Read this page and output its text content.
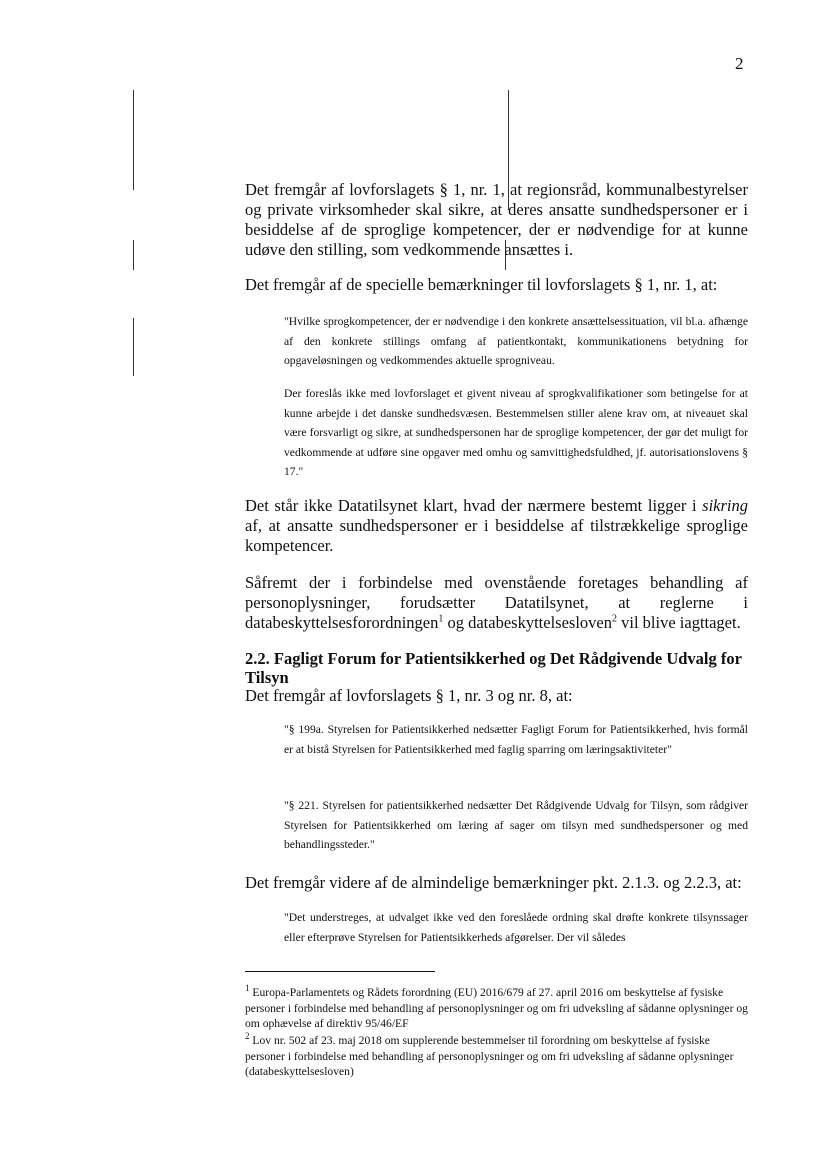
2
Det fremgår af lovforslagets § 1, nr. 1, at regionsråd, kommunalbestyrelser og private virksomheder skal sikre, at deres ansatte sundhedspersoner er i besiddelse af de sproglige kompetencer, der er nødvendige for at kunne udøve den stilling, som vedkommende ansættes i.
Det fremgår af de specielle bemærkninger til lovforslagets § 1, nr. 1, at:
"Hvilke sprogkompetencer, der er nødvendige i den konkrete ansættelsessituation, vil bl.a. afhænge af den konkrete stillings omfang af patientkontakt, kommunikationens betydning for opgaveløsningen og vedkommendes aktuelle sprogniveau.
Der foreslås ikke med lovforslaget et givent niveau af sprogkvalifikationer som betingelse for at kunne arbejde i det danske sundhedsvæsen. Bestemmelsen stiller alene krav om, at niveauet skal være forsvarligt og sikre, at sundhedspersonen har de sproglige kompetencer, der gør det muligt for vedkommende at udføre sine opgaver med omhu og samvittighedsfuldhed, jf. autorisationslovens § 17."
Det står ikke Datatilsynet klart, hvad der nærmere bestemt ligger i sikring af, at ansatte sundhedspersoner er i besiddelse af tilstrækkelige sproglige kompetencer.
Såfremt der i forbindelse med ovenstående foretages behandling af personoplysninger, forudsætter Datatilsynet, at reglerne i databeskyttelsesforordningen$^1$ og databeskyttelsesloven$^2$ vil blive iagttaget.
2.2. Fagligt Forum for Patientsikkerhed og Det Rådgivende Udvalg for Tilsyn
Det fremgår af lovforslagets § 1, nr. 3 og nr. 8, at:
"§ 199a. Styrelsen for Patientsikkerhed nedsætter Fagligt Forum for Patientsikkerhed, hvis formål er at bistå Styrelsen for Patientsikkerhed med faglig sparring om læringsaktiviteter"
"§ 221. Styrelsen for patientsikkerhed nedsætter Det Rådgivende Udvalg for Tilsyn, som rådgiver Styrelsen for Patientsikkerhed om læring af sager om tilsyn med sundhedspersoner og med behandlingssteder."
Det fremgår videre af de almindelige bemærkninger pkt. 2.1.3. og 2.2.3, at:
"Det understreges, at udvalget ikke ved den foreslåede ordning skal drøfte konkrete tilsynssager eller efterprøve Styrelsen for Patientsikkerheds afgørelser. Der vil således
$^1$ Europa-Parlamentets og Rådets forordning (EU) 2016/679 af 27. april 2016 om beskyttelse af fysiske personer i forbindelse med behandling af personoplysninger og om fri udveksling af sådanne oplysninger og om ophævelse af direktiv 95/46/EF
$^2$ Lov nr. 502 af 23. maj 2018 om supplerende bestemmelser til forordning om beskyttelse af fysiske personer i forbindelse med behandling af personoplysninger og om fri udveksling af sådanne oplysninger (databeskyttelsesloven)
